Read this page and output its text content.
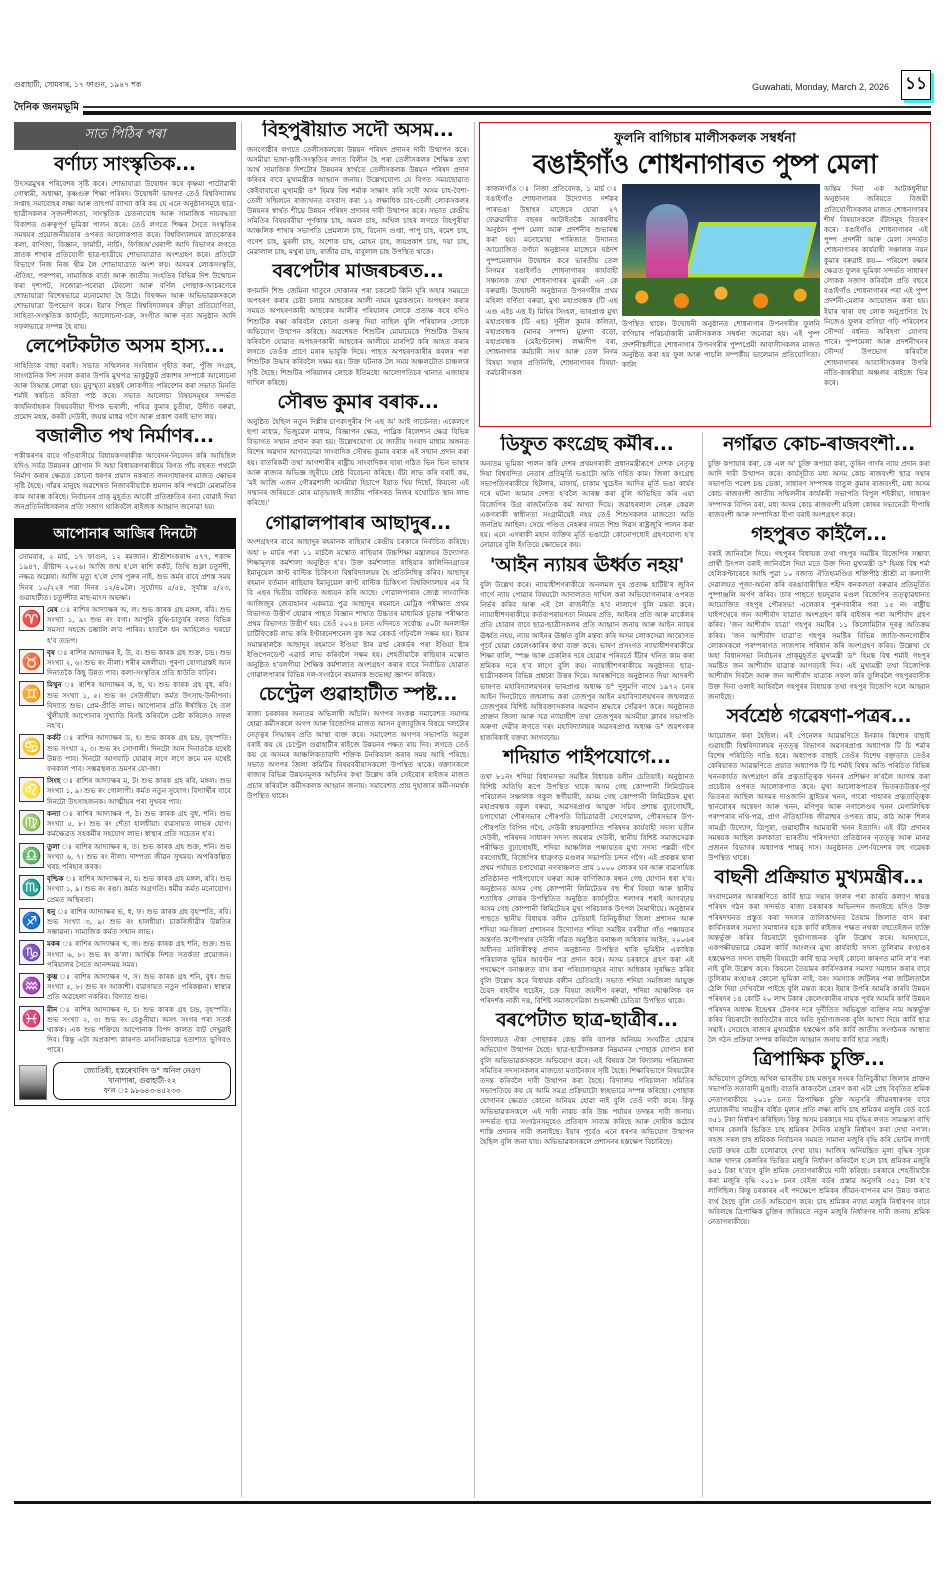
গুৱাহাটী, সোমবাৰ, ১৭ ফাগুন, ১৯৪৭ শক	Guwahati, Monday, March 2, 2026 ১১
দৈনিক জনমভূমি
সাত পিঠিৰ পৰা
বৰ্ণাঢ্য সাংস্কৃতিক...

উৎসৱমুখৰ পৰিবেশৰ সৃষ্টি কৰে। শোভাযাত্ৰা উদ্বোধন কৰে কৃষ্ণমা পাটোৱাৰী গোস্বামী, অধ্যক্ষা, কৃষ্ণগুৰু শিক্ষা পৰিষদ। উদ্বোধনী ভাষণত তেওঁ বিশ্ববিদ্যালয় সপ্তাহ সমাবোহৰ লক্ষ্য আৰু তাৎপৰ্য ব্যাখ্যা কৰি কয় যে এনে অনুষ্ঠানসমূহে ছাত্ৰ-ছাত্ৰীসকলৰ সৃজনশীলতা, সাংস্কৃতিক চেতনাবোধ আৰু সামাজিক দায়বদ্ধতা বিকাশত গুৰুত্বপূৰ্ণ ভূমিকা পালন কৰে। তেওঁ লগতে শিক্ষৰ সৈতে সংস্কৃতিৰ সমন্বয়ৰ প্ৰয়োজনীয়তাৰ ওপৰত আলোকপাত কৰে। বিশ্ববিদ্যালয়ৰ স্নাতকোত্তৰ কলা, বাণিজ্য, বিজ্ঞান, ফাৰ্মাচী, নাৰ্চিং, ফিজিঅ'থেৰাপী আদি বিভাগৰ লগতে স্নাতক শাখাৰ প্ৰতিযোগী ছাত্ৰ-ছাত্ৰীয়ে শোভাযাত্ৰাত অংশগ্ৰহণ কৰে। প্ৰতিটো বিভাগে নিজ নিজ থীম লৈ শোভাযাত্ৰাত অংশ লয়। অসমৰ লোকসংস্কৃতি, ঐতিহ্য, পৰম্পৰা, সামাজিক বাৰ্তা আৰু জাতীয় সংহতিৰ বিভিন্ন দিশ উন্মোচন কৰা দৃশ্যপট, সজোৱা-পৰোৱা টেবলো আৰু বৰ্ণিল পোছাক-আচৰণেৰে শোভাযাত্ৰা বিশেষভাৱে মনোমোহা হৈ উঠে। বিদ্বজ্জন আৰু অভিভাৱকসকলে শোভাযাত্ৰা উপভোগ কৰে। ইয়াৰ পিছত বিশ্ববিদ্যালয়ৰ ক্ৰীড়া প্ৰতিযোগিতা, সাহিত্য-সংস্কৃতিক কাৰ্যসূচী, আলোচনা-চক্ৰ, সংগীত আৰু নৃত্য অনুষ্ঠান আদি সফলভাৱে সম্পন্ন হৈ যায়।

লেপেটকটাত অসম হাস্য...

সাহিত্যিক বাছা বৰাই। সভাত সন্মিলনৰ সংবিধান গৃহীত কৰা, পুঁজি সংগ্ৰহ, সাংগঠনিক দিশ সবল কৰাৰ উপৰি মুখপত্ৰ ভাকুটুকুট প্ৰকাশৰ সম্পৰ্কে আলোচনা আৰু সিদ্ধান্ত লোৱা হয়। মুনুস্মৃতা মহন্তই লোকগীত পৰিবেশন কৰা সভাত মিনতি শৰ্মাই স্বৰচিত কবিতা পাঠ কৰে। সভাত আলোচ্য বিষয়সমূহৰ সন্দৰ্ভত কাৰ্যনিৰ্বাহকৰ বিষয়ববীয়া দীপক ভৰালী, পবিত্ৰ কুমাৰ চুতীয়া, উদীত বৰুৱা, প্ৰমোদ মহন্ত, কৰবী দেউৰী, জয়ন্ত মাধৱ গগৈ আৰু প্ৰকাশ বৰাই ভাগ লয়।

বজালীত পথ নিৰ্মাণৰ...

পকীকৰণৰ বাবে গাঁওবাসীয়ে বিধায়কগৰাকীক আবেদন-নিবেদন কৰি আহিছিল যদিও সৰ্বত্ৰ উন্নয়নৰ শ্লোগান দি অহা বিধায়কগৰাকীয়ে বিগত পাঁচ বছৰত পথটো নিৰ্মাণ কৰাৰ ক্ষেত্ৰত কোনো ধৰণৰ প্ৰয়াস নকৰাত জনসাধাৰণৰ মাজত ক্ষোভৰ সৃষ্টি হৈছে। গাঁৱৰ মানুহে অৱশেষত নিজাববীয়াকৈ শ্ৰমদান কৰি পথটো মেৰামতিৰ কাম আৰম্ভ কৰিছে। নিৰ্বাচনৰ প্ৰাক্‌ মুহূৰ্তত আকৌ প্ৰতিশ্ৰুতিৰ বন্যা বোৱাই দিয়া জনপ্ৰতিনিধিসকলৰ প্ৰতি সজাগ থাকিবলৈ ৰাইজক আহ্বান জনোৱা হয়।

আপোনাৰ আজিৰ দিনটো

সোমবাৰ, ২ মাৰ্চ, ১৭ ফাগুন, ১২ ৰমজান। শ্ৰীশ্ৰীশংকৰাব্দ ৫৭৭, শকাব্দ ১৯৪৭, খ্ৰীষ্টাব্দ ২০২৬। আজি জন্ম হ'লে ৰাশি কৰ্কট, তিথি শুক্লা চতুৰ্দশী, নক্ষত্ৰ অশ্লেষা। আজি মৃত্যু হ'লে দোষ পুৰুৰ নাই, শুভ কৰ্মৰ বাবে প্ৰশস্ত সময় দিনৰ ১০/২২ৰ পৰা দিনৰ ১২/৪০লৈ। সূৰ্যোদয় ৫/৫৪, সূৰ্যাস্ত ৫/২৩, গুৱাহাটীত। চতুৰ্দশীত মাছ-মাংস অভক্ষ্য।

♈ মেষ ঃ ৰাশিৰ আদ্যাক্ষৰ অ, ল। শুভ কাৰক গ্ৰহ মঙ্গল, ৰবি। শুভ সংখ্যা ১, ৯। শুভ ৰং বগা। আপুনি বুদ্ধি-চাতুৰ্যৰ বলত বিভিন্ন সমস্যা সহজে চম্ভালি ল'ব পাৰিব। হাতলৈ ধন আহিলেও খৰচো হ'ব তদ্ৰূপ।

♉ বৃষ ঃ ৰাশিৰ আদ্যাক্ষৰ ই, উ, ব। শুভ কাৰক গ্ৰহ শুক্ৰ, চন্দ্ৰ। শুভ সংখ্যা ২, ৬। শুভ ৰং নীলা। শৰীৰ মঙ্গলীয়া। পুৰণা ৰোগাগ্ৰস্তই আন দিনাতকৈ কিছু উন্নত পাব। কলা-সংস্কৃতিৰ প্ৰতি ধাউতি বাঢ়িব।

♊ মিথুন ঃ ৰাশিৰ আদ্যাক্ষৰ ক, ছ, ঘ। শুভ কাৰক গ্ৰহ বুধ, ৰবি। শুভ সংখ্যা ১, ৫। শুভ ৰং সেউজীয়া। কৰ্মত উৎসাহ-উদ্দীপনা। বিদ্যাত শুভ। প্ৰেম-প্ৰীতি লাভ। আপোনাৰ প্ৰতি ঈৰ্ষান্বিত হৈ তল খুঁলীয়াই আপোনাৰ সুখ্যাতি বিনষ্ট কৰিবলৈ চেষ্টা কৰিলেও সফল নহ'ব।

♋ কৰ্কট ঃ ৰাশিৰ আদ্যাক্ষৰ ড, হ। শুভ কাৰক গ্ৰহ চন্দ্ৰ, বৃহস্পতি। শুভ সংখ্যা ২, ৩। শুভ ৰং সোণালী। দিনটো আন দিনাতকৈ যথেষ্ট উন্নত পাব। দিনটো আগবাঢ়ি যোৱাৰ লগে লগে ক্ৰমে মন যথেষ্ট ফৰকাল পাব। সম্ভৱস্থলত ভ্ৰমণৰ যো-জা।

♌ সিংহ ঃ ৰাশিৰ আদ্যাক্ষৰ ম, ট। শুভ কাৰক গ্ৰহ ৰবি, মঙ্গল। শুভ সংখ্যা ১, ৯। শুভ ৰং গোলাপী। কৰ্মত নতুন সুযোগ। বিদ্যাৰ্থীৰ বাবে দিনটো উৎসাহজনক। আত্মীয়ৰ পৰা সুখবৰ পাব।

♍ কন্যা ঃ ৰাশিৰ আদ্যাক্ষৰ প, ঠ। শুভ কাৰক গ্ৰহ বুধ, শনি। শুভ সংখ্যা ৫, ৮। শুভ ৰং শেঁতা হালধীয়া। ব্যৱসায়ত লাভৰ যোগ। কৰ্মক্ষেত্ৰত সহকৰ্মীৰ সহযোগ লাভ। স্বাস্থ্যৰ প্ৰতি সচেতন হ'ব।

♎ তুলা ঃ ৰাশিৰ আদ্যাক্ষৰ ৰ, ত। শুভ কাৰক গ্ৰহ শুক্ৰ, শনি। শুভ সংখ্যা ৬, ৭। শুভ ৰং নীলা। দাম্পত্য জীৱন সুখময়। অপৰিকল্পিত খৰচ পৰিহাৰ কৰক।

♏ বৃশ্চিক ঃ ৰাশিৰ আদ্যাক্ষৰ ন, য। শুভ কাৰক গ্ৰহ মঙ্গল, ৰবি। শুভ সংখ্যা ১, ৯। শুভ ৰং ৰঙা। কৰ্মত অগ্ৰগতি। ধৰ্মীয় কৰ্মত মনোযোগ। প্ৰেমত অস্থিৰতা।

♐ ধনু ঃ ৰাশিৰ আদ্যাক্ষৰ ভ, ধ, ফ। শুভ কাৰক গ্ৰহ বৃহস্পতি, ৰবি। শুভ সংখ্যা ৩, ৯। শুভ ৰং হালধীয়া। চাকৰিজীৱীৰ উন্নতিৰ সম্ভাৱনা। সামাজিক কৰ্মত সন্মান লাভ।

♑ মকৰ ঃ ৰাশিৰ আদ্যাক্ষৰ খ, জ। শুভ কাৰক গ্ৰহ শনি, শুক্ৰ। শুভ সংখ্যা ৬, ৮। শুভ ৰং ক'লা। আৰ্থিক দিশত সতৰ্কতা প্ৰয়োজন। পৰিয়ালৰ সৈতে আনন্দময় সময়।

♒ কুম্ভ ঃ ৰাশিৰ আদ্যাক্ষৰ গ, স। শুভ কাৰক গ্ৰহ শনি, বুধ। শুভ সংখ্যা ৫, ৮। শুভ ৰং আকাশী। ব্যৱসায়ত নতুন পৰিকল্পনা। স্বাস্থ্যৰ প্ৰতি অৱহেলা নকৰিব। বিদ্যাত শুভ।

♓ মীন ঃ ৰাশিৰ আদ্যাক্ষৰ দ, চ। শুভ কাৰক গ্ৰহ চন্দ্ৰ, বৃহস্পতি। শুভ সংখ্যা ২, ৩। শুভ ৰং বেঙুনীয়া। অসৎ সংগৰ পৰা সতৰ্ক থাকক। এক শুভ শক্তিয়ে আপোনাক বিপদ কালত বাট দেখুৱাই দিব। কিন্তু এটা অপ্ৰকাশ্য কাৰণত মানসিকভাৱে হতাশাত ভুগিবও পাৰে।

জ্যোতিষী, হস্তৰেখাবিদ ড° অনিল নেওগ
খানাপাৰা, গুৱাহাটী-২২
ফ'ন ঃ ৯৮৬৪৩-৪৫২৩৩
বিহপুৰীয়াত সদৌ অসম...

জনগোষ্ঠীৰ লগতে তেলীসকলকো উন্নয়ন পৰিষদ প্ৰদানৰ দাবী উত্থাপন কৰে। অসমীয়া ভাষা-কৃষ্টি-সংস্কৃতিৰ লগত বিলীন হৈ পৰা তেলীসকলৰ শৈক্ষিক তথা আৰ্থ সামাজিক দিশটোৰ উন্নয়নৰ স্বাৰ্থতে তেলীসকলক উন্নয়ন পৰিষদ প্ৰদান কৰিবৰ বাবে মুখ্যমন্ত্ৰীক আহ্বান জনায়। উল্লেখযোগ্য যে বিগত সময়ছোৱাত কেইবাবাৰো মুখ্যমন্ত্ৰী ড° হিমন্ত বিশ্ব শৰ্মাক সাক্ষাৎ কৰি সদৌ অসম চাহ-বৈশ্য-তেলী সন্মিলনে ৰাজ্যখনত বসবাস কৰা ১২ লক্ষাধিক চাহ-তেলী লোকসকলৰ উন্নয়নৰ স্বাৰ্থত শীঘ্ৰে উন্নয়ন পৰিষদ প্ৰদানৰ দাবী উত্থাপন কৰে। সভাত কেন্দ্ৰীয় সমিতিৰ বিষয়ববীয়া পূৰ্ণকান্ত চাহ, অমল চাহ, অখিল চাহৰ লগতে বিহপুৰীয়া আঞ্চলিক শাখাৰ সভাপতি প্ৰেমলাল চাহ, বিনোদ গুপ্তা, পাপু চাহ, ৰমেশ চাহ, গণেশ চাহ, মুৰলী চাহ, অশোক চাহ, মোহন চাহ, জয়প্ৰকাশ চাহ, দয়া চাহ, মেৱালাল চাহ, মথুৰা চাহ, ৰাজীৱ চাহ, বাবুলাল চাহ উপস্থিত থাকে।

বৰপেটাৰ মাজৰচৰত...

কণমানি শিশু জেমিনা খাতুনে দোকানৰ পৰা চকলেট কিনি ঘূৰি অহাৰ সময়তে অপহৰণ কৰাৰ চেষ্টা চলায় আছকেৰ আলী নামৰ যুৱকজনে। অপহৰণ কৰাৰ সময়ত অপহৰণকাৰী আছকেৰ আলীৰ পৰিয়ালৰ লোকে প্ৰত্যক্ষ কৰে যদিও শিশুটিক ৰক্ষা কৰিবলৈ কোনো গুৰুত্ব দিয়া নাছিল বুলি পৰিয়ালৰ লোকে অভিযোগ উত্থাপন কৰিছে। অৱশেষত শিশুটিৰ মোমায়েকে শিশুটিক উদ্ধাৰ কৰিবলৈ যোৱাত অপহৰণকাৰী আছকেৰ আলীয়ে মাৰপিট কৰি আহত কৰাৰ লগতে তেওঁক প্ৰাণে মৰাৰ ভাবুকি দিয়ে। পাছত অপহৰণকাৰীৰ কবলৰ পৰা শিশুটিক উদ্ধাৰ কৰিবলৈ সক্ষম হয়। উক্ত ঘটনাক লৈ সময় অঞ্চলটোত চাঞ্চল্যৰ সৃষ্টি হৈছে। শিশুটিৰ পৰিয়ালৰ লোকে ইতিমধ্যে আলোপতিচৰ থানাত এজাহাৰ দাখিল কৰিছে।

সৌৰভ কুমাৰ বৰাক...

অনুষ্ঠিত হৈছিল নতুন দিল্লীৰ চাণক্যপুৰীৰ পি এছ অ' আই গাৰ্ডেনত। একেলগে ছপা মাধ্যম, ভিজুৱেল মাধ্যম, বিজ্ঞাপন ক্ষেত্ৰ, পাব্লিক ৰিলেশ্যন ক্ষেত্ৰ বিভিন্ন বিভাগত সম্মান প্ৰদান কৰা হয়। উল্লেখযোগ্য যে জাতীয় সংবাদ মাধ্যম অঙ্গনত বিশেষ অৱদান আগবঢ়োৱা সাংবাদিক সৌৰভ কুমাৰ বৰাক এই সন্মান প্ৰদান কৰা হয়। বাতৰিকৰ্মী তথা আগশাৰীৰ ৰাষ্ট্ৰীয় সাংবাদিকৰ দ্বাৰা গঠিত ভিন ভিন ভাষাৰ আৰু ৰাজ্যৰ অভিজ্ঞ জুৰীয়ে শ্ৰেষ্ঠ বিবেচনা কৰিছে। বঁটা লাভ কৰি বৰাই কয়, 'মই আজি এজন গৌৰৱশালী অসমীয়া হিচাপে ইয়াত থিয় দিছোঁ, কিয়নো এই সম্মানৰ জৰিয়তে মোৰ মাতৃভাষাই জাতীয় পৰিসৰত নিজৰ যথোচিত স্থান লাভ কৰিছে।'

গোৱালপাৰাৰ আছাদুৰ...

অংশগ্ৰহণৰ বাবে আছাদুৰ ৰহমানক ৰাছিয়াৰ কেন্দ্ৰীয় চৰকাৰে নিৰ্বাচিত কৰিছে। অহা ৮ মাৰ্চৰ পৰা ১১ মাৰ্চলৈ মস্কোত ৰাছিয়াৰ উচ্চশিক্ষা মন্ত্ৰালয়ৰ উদ্যোগত শিক্ষামূলক কৰ্মশালা অনুষ্ঠিত হ'ব। উক্ত কৰ্মশালাত ৰাছিয়াৰ কালিনিনগ্ৰাডৰ ইমানুয়েল কাণ্ট বাল্টিক চিকিৎসা বিশ্ববিদ্যালয়ৰ হৈ প্ৰতিনিধিত্ব কৰিব। আছাদুৰ ৰহমান বৰ্তমান ৰাছিয়াৰ ইমানুয়েল কাণ্ট বাল্টিক চিকিৎসা বিশ্ববিদ্যালয়ৰ এম বি বি এছৰ দ্বিতীয় বাৰ্ষিকত অধ্যয়ন কৰি আছে। গোৱালপাৰাৰ জ্যেষ্ঠ সাংবাদিক আজিজুৰ জেবাহানৰ একমাত্ৰ পুত্ৰ আছাদুৰ ৰহমানে মেট্ৰিক পৰীক্ষাত প্ৰথম বিভাগত উত্তীৰ্ণ হোৱাৰ পাছত বিজ্ঞান শাখাত উচ্চতৰ মাধ্যমিক চূড়ান্ত পৰীক্ষাত প্ৰথম বিভাগত উত্তীৰ্ণ হয়। তেওঁ ২০২৪ চনত এদিনতে সৰ্বোচ্চ ৫০টা অনলাইন চাৰ্টিফিকেট লাভ কৰি ইণ্টাৰনেশ্যনেল বুক অৱ ৰেকৰ্ড গঢ়িবলৈ সক্ষম হয়। ইয়াৰ সমান্তৰালকৈ আছাদুৰ ৰহমানে ইণ্ডিয়া ষ্টাৰ ৱৰ্ল্ড ৰেকৰ্ডৰ পৰা ইণ্ডিয়া ষ্টাৰ ইণ্ডিপেনডেণ্ট এৱাৰ্ড লাভ কৰিবলৈ সক্ষম হয়। শেহতীয়াকৈ ৰাছিয়াৰ মস্কোত অনুষ্ঠিত হ'বলগীয়া শৈক্ষিক কৰ্মশালাত অংশগ্ৰহণ কৰাৰ বাবে নিৰ্বাচিত হোৱাত গোৱালপাৰাৰ বিভিন্ন দল-সংগঠনে ৰহমানক শুভেচ্ছা জ্ঞাপন কৰিছে।

চেণ্ট্ৰেল গুৱাহাটীত স্পষ্ট...

ৰাজ্য চৰকাৰৰ অন্যতম অভিলাষী আঁচনি। অগপৰ সংকল্প সমাবেশত সমাগম হোৱা কৰ্মীসকলে অগপ আৰু বিজেপিৰ মাজত আসন বুজাবুজিৰ বিষয়ে দলটোৰ নেতৃত্বৰ সিদ্ধান্তৰ প্ৰতি আস্থা ব্যক্ত কৰে। সমাবেশত অগপৰ সভাপতি অতুল বৰাই কয় যে চেণ্ট্ৰেল গুৱাহাটীৰ ৰাইজে উন্নয়নৰ পক্ষত ৰায় দিব। লগতে তেওঁ কয় যে অসমৰ আঞ্চলিকতাবাদী শক্তিক টনকিয়াল কৰাৰ সময় আহি পৰিছে। সভাত অগপৰ জিলা কমিটিৰ বিষয়ববীয়াসকলো উপস্থিত থাকে। বক্তাসকলে ৰাজ্যৰ বিভিন্ন উন্নয়নমূলক আঁচনিৰ কথা উল্লেখ কৰি সেইবোৰ ৰাইজৰ মাজত প্ৰচাৰ কৰিবলৈ কৰ্মীসকলক আহ্বান জনায়। সমাবেশত প্ৰায় দুহাজাৰ কৰ্মী-সমৰ্থক উপস্থিত থাকে।

ফুলনি বাগিচাৰ মালীসকলক সম্বৰ্ধনা
বঙাইগাঁও শোধনাগাৰত পুষ্প মেলা

কাজলগাঁও ঃ নিজা প্ৰতিবেদক, ১ মাৰ্চ ঃ বঙাইগাঁও শোধনাগাৰৰ উদ্যোগত দৰ্শকৰ পাৰভঙা উছাহৰ মাজেৰে যোৱা ২৭ ফেব্ৰুৱাৰীত বছৰৰ আটাইতকৈ আকৰ্ষণীয় অনুষ্ঠান পুষ্প মেলা আৰু প্ৰদৰ্শনীৰ শুভাৰম্ভ কৰা হয়। মনোমোহা পাৰিজাত উদ্যানত আয়োজিত বৰ্ণাঢ্য অনুষ্ঠানৰ মাজেৰে ষষ্ঠদশ পুষ্পমেলাখন উদ্বোধন কৰে ভাৰতীয় তেল নিগমৰ বঙাইগাঁও শোধনাগাৰৰ কাৰ্যবাহী সঞ্চালক তথা শোধনাগাৰৰ মুৰব্বী এন কে বৰুৱাই। উদ্বোধনী অনুষ্ঠানত উপনগৰীৰ প্ৰথম মহিলা বৰ্ণিতা বৰুৱা, মুখ্য মহাপ্ৰবন্ধক (টি এছ এণ্ড এইচ এছ ই) মিহিৰ সিংহল, ভাৰপ্ৰাপ্ত মুখ্য মহাপ্ৰবন্ধক (টি এছ) সুনীল কুমাৰ কলিতা, মহাপ্ৰবন্ধক (মানৱ সম্পদ) মুদ্ৰুগা বড়ো, মহাপ্ৰবন্ধক (মেইণ্টেনেন্স) লক্ষ্যদীপ বৰা, শোধনাগাৰ কৰ্মচাৰী সংঘ আৰু তেল নিগম বিষয়া সন্থাৰ প্ৰতিনিধি, শোধনাগাৰৰ বিষয়া-কৰ্মচাৰীসকল

উপস্থিত থাকে। উদ্বোধনী অনুষ্ঠানত শোধনাগাৰ উপনগৰীৰ ফুলনি বাগিচাৰ পৰিচৰ্যাকাৰী মালীসকলক সম্বৰ্ধনা জনোৱা হয়। এই পুষ্প প্ৰদৰ্শনীস্থলীতে শোধনাগাৰ উপনগৰীৰ পুষ্পপ্ৰেমী আবাসীসকলৰ মাজত অনুষ্ঠিত কৰা হয় ফুল আৰু পাচলি সম্পৰ্কীয় ভালেমান প্ৰতিযোগিতা। কালি

অন্তিম দিনা এক আটকধুনীয়া অনুষ্ঠানৰ জৰিয়তে বিজয়ী প্ৰতিযোগীসকলৰ মাজত শোধনাগাৰৰ শীৰ্ষ বিষয়াসকলে বঁটাসমূহ বিতৰণ কৰে। বঙাইগাঁও শোধনাগাৰৰ এই পুষ্প প্ৰদৰ্শনী আৰু মেলা সন্দৰ্ভত শোধনাগাৰৰ কাৰ্যবাহী সঞ্চালক নয়ন কুমাৰ বৰুৱাই কয়— পৰিবেশ ৰক্ষাৰ ক্ষেত্ৰত ফুলৰ ভূমিকা সন্দৰ্ভত সাধাৰণ লোকক সজাগ কৰিবলৈ প্ৰতি বছৰে বঙাইগাঁও শোধনাগাৰৰ পৰা এই পুষ্প প্ৰদৰ্শনী-মেলাৰ আয়োজন কৰা হয়। ইয়াৰ দ্বাৰা বহু লোক অনুপ্ৰাণিত হৈ নিজেও ফুলৰ বাগিচা গঢ়ি পৰিবেশৰ সৌন্দৰ্য বৰ্ধনত অৰিহণা যোগাব পাৰে। পুষ্পমেলা আৰু প্ৰদৰ্শনীখনৰ সৌন্দৰ্য উপভোগ কৰিবলৈ শোধনাগাৰৰ আবাসীসকলৰ উপৰি নাঁতি-কাষৰীয়া অঞ্চলৰ ৰাইজে ভিৰ কৰে।

ডিফুত কংগ্ৰেছ কৰ্মীৰ...

অন্যতম ভূমিকা পালন কৰি দেশৰ প্ৰথমগৰাকী প্ৰধানমন্ত্ৰীৰূপে দেশক নেতৃত্ব দিয়া বিশ্ববন্দিত নেতাৰ প্ৰতিমূৰ্তি ভঙাটো অতি গৰ্হিত কাম। জিলা কংগ্ৰেছ সভাপতিগৰাকীয়ে হিটলাৰ, মাফাৰ্য, চাকাম খুচেইন আদিৰ মূৰ্তি ভঙা কাৰ্যৰ দৰে ঘটনা আমাৰ দেশত হ'বলৈ আৰম্ভ কৰা বুলি অভিহিত কৰি এয়া বিজেপিৰ উগ্ৰ ৰাজনৈতিক কৰ্ম আখ্যা দিয়ে। জৱাহৰলাল নেহৰু কেৱল একগৰাকী স্বাধীনতা সংগ্ৰামীয়েই নহয় তেওঁ শিশুসকলৰ মাজতো অতি জনপ্ৰিয় আছিল। সেয়ে পণ্ডিত নেহৰুৰ নামত শিশু দিৱস ৰাষ্ট্ৰজুৰি পালন কৰা হয়। এনে এগৰাকী মহান ব্যক্তিৰ মূৰ্তি ভঙাটো কোনোপধ্যেই গ্ৰহণযোগ্য হ'ব নোৱাৰে বুলি ইংতিয়ে ক্ষোভেৰে কয়।

'আইন ন্যায়ৰ ঊৰ্ধ্বত নহয়'

বুলি উল্লেখ কৰে। ন্যায়াধীশগৰাকীয়ে অনলমল দুৰ প্ৰত্যক্ষ হাৰ্টিষ্ট'ৰ জুবিন গাৰ্গে ন্যায় পোৱাৰ বিষয়টো আদালতত দাখিল কৰা অভিযোগনামাৰ ওপৰত নিৰ্ভৰ কৰিব আৰু এই লৈ ৰাজনীতি হ'ব নালাগে বুলি মন্তব্য কৰে। ন্যায়াধীশগৰাকীয়ে কৰ্তব্যপৰায়ণতা নিয়মৰ প্ৰতি, আইনৰ প্ৰতি আৰু মাৰ্কেলৰ প্ৰতি হোৱাৰ বাবে ছাত্ৰ-ছাত্ৰীসকলৰ প্ৰতি আহ্বান জনায় আৰু আইন ন্যায়ৰ ঊৰ্ধ্বত নহয়, ন্যায় আইনৰ ঊৰ্ধ্বত বুলি মন্তব্য কৰি অসম লোকসেৱা আয়োগত পূৰ্বে হোৱা কেলেংকাৰিৰ কথা ব্যক্ত কৰে। ভাষণ প্ৰসংগত ন্যায়াধীশগৰাকীয়ে শিক্ষা বালি, স্পঞ্জ আৰু চেকলিৰ দৰে হোৱাৰ পৰিবৰ্তে ইঁটাৰ খনিত কাম কৰা শ্ৰমিকৰ দৰে হ'ব লাগে বুলি কয়। ন্যায়াধীশগৰাকীয়ে অনুষ্ঠানত ছাত্ৰ-ছাত্ৰীসকলৰ বিভিন্ন প্ৰশ্নৰো উত্তৰ দিয়ে। আৰম্ভণিতে অনুষ্ঠানত দিয়া আদৰণী ভাষণত মহাবিদ্যালয়খনৰ ভাৰপ্ৰাপ্ত অধ্যক্ষ ড° দুলুমণি নাথে ১৯৭২ চনৰ আইন দিনটোতে জন্মলাভ কৰা তেজপুৰ আইন মহাবিদ্যালয়খনৰ জন্মলগ্নত তেজপুৰৰ বিশিষ্ট অধিবক্তাসকলৰ অৱদান শ্ৰদ্ধাৰে সোঁৱৰণ কৰে। অনুষ্ঠানত প্ৰাক্তন জিলা আৰু সত্ৰ ন্যায়াধীশ তথা তেজপুৰৰ অসমীয়া ক্লাবৰ সভাপতি অৰুণা দেৱীৰ লগতে দৰং মহাবিদ্যালয়ৰ অৱসৰপ্ৰাপ্ত অধ্যক্ষ ড° জয়শংকৰ হাজৰিকাই বক্তব্য আগবঢ়ায়।

শদিয়াত পাইপযোগে...

তথা ৮১নং শদিয়া বিধানসভা সমষ্টিৰ বিধায়ক বলীন চেতিয়াই। অনুষ্ঠানত বিশিষ্ট অতিথি ৰূপে উপস্থিত থাকে অসম গেছ কোম্পানী লিমিটেডৰ পৰিচালন সঞ্চালক গকুল স্বৰ্গীয়াৰী, অসম গেছ কোম্পানী লিমিটেডৰ মুখ্য মহাপ্ৰবন্ধক বকুল বৰুৱা, অৱসৰপ্ৰাপ্ত আয়ুক্ত সচিব প্ৰশান্ত বুঢ়াগোহাঁই, চপাখোৱা পৌৰসভাৰ পৌৰপতি বিচিত্ৰাৱতী সোণোৱাল, পৌৰসভাৰ উপ-পৌৰপতি বিপিন গগৈ, দেউৰী স্বায়ত্তশাসিত পৰিষদৰ কাৰ্যবাহী সদস্য যতীন দেউৰী, পৰিষদৰ সাধাৰণ সদস্য জয়ৰাম দেউৰী, স্থানীয় বিশিষ্ট সমাজসেৱক পৰীক্ষিত বুঢ়াগোহাঁই, শদিয়া আঞ্চলিক পঞ্চায়তৰ মুখ্য সদস্য পল্লৱী গগৈ বৰগোহাঁই, বিজেপিৰ ধাত্ৰুগড় মণ্ডলৰ সভাপতি চন্দন গগৈ। এই প্ৰকল্পৰ দ্বাৰা প্ৰথম পৰ্যায়ত চপাখোৱা নগৰাঞ্চলত প্ৰায় ১০০০ লোকৰ ঘৰ আৰু ব্যৱসায়িক প্ৰতিষ্ঠানত পাইপযোগে ঘৰুৱা আৰু বাণিজ্যিক ৰন্ধন গেছ যোগান ধৰা হ'ব। অনুষ্ঠানত অসম গেছ কোম্পানী লিমিটেডৰ বহু শীৰ্ষ বিষয়া আৰু স্থানীয় শতাধিক লোকৰ উপস্থিতিত অনুষ্ঠিত কাৰ্যসূচীত শলাগৰ শৰাই আগবঢ়ায় অসম গেছ কোম্পানী লিমিটেডৰ মুখ্য পৰিচালক উৎপল নৈমাখীয়ে। অনুষ্ঠানৰ পাছতে স্থানীয় বিধায়ক বলীন চেতিয়াই তিনিচুকীয়া জিলা প্ৰশাসন আৰু শদিয়া সম-জিলা প্ৰশাসনৰ উদ্যোগত শদিয়া সমষ্টিৰ বৰবীয়া গাঁও পঞ্চায়তৰ অন্তৰ্গত কপৌপথাৰ দেউৰী গাঁৱত অনুষ্ঠিত বনাঞ্চল অধিকাৰ আইন, ২০০৬ৰ অধীনত মালিকীস্বত্ব প্ৰদান অনুষ্ঠানত উপস্থিত থাকি ভূমিহীন একাধিক পৰিয়ালক ভূমিৰ আবণ্টন পত্ৰ প্ৰদান কৰে। অসম চৰকাৰে গ্ৰহণ কৰা এই পদক্ষেপে বনাঞ্চলত বাস কৰা পৰিয়ালসমূহৰ ন্যায্য অধিকাৰ সুৰক্ষিত কৰিব বুলি উল্লেখ কৰে বিধায়ক বলীন চেতিয়াই। সভাত শদিয়া সমজিলা আয়ুক্ত চৈয়দ ৰাহবীৰ হুচেইন, চক্ৰ বিষয়া জয়দীপ বৰুৱা, শদিয়া আঞ্চলিক বন পৰিদৰ্শক নাকী দত্ত, বিশিষ্ট সমাজসেৱিকা শুভলক্ষ্মী চেতিয়া উপস্থিত থাকে।

বৰপেটাত ছাত্ৰ-ছাত্ৰীৰ...

বিদ্যালয়ত ঐক্য পোছাকৰ কেন্দ্ৰ কৰি ব্যাপক অনিয়ম সংঘটিত হোৱাৰ অভিযোগ উত্থাপন হৈছে। ছাত্ৰ-ছাত্ৰীসকলক নিম্নমানৰ পোছাক যোগান ধৰা বুলি অভিভাৱকসকলে অভিযোগ কৰে। এই বিষয়ক লৈ বিদ্যালয় পৰিচালনা সমিতিৰ সদস্যসকলৰ মাজতো মতানৈক্যৰ সৃষ্টি হৈছে। শিক্ষাবিভাগে বিষয়টোৰ তদন্ত কৰিবলৈ দাবী উত্থাপন কৰা হৈছে। বিদ্যালয় পৰিচালনা সমিতিৰ সভাপতিয়ে কয় যে আমি সমগ্ৰ প্ৰক্ৰিয়াটো স্বচ্ছভাৱে সম্পন্ন কৰিছো। পোছাক যোগানৰ ক্ষেত্ৰত কোনো অনিয়ম হোৱা নাই বুলি তেওঁ দাবী কৰে। কিন্তু অভিভাৱকসকলে এই দাবী নাকচ কৰি উচ্চ পৰ্যায়ৰ তদন্তৰ দাবী জনায়। সন্দৰ্ভত ছাত্ৰ সংগঠনসমূহেও প্ৰতিবাদ সাব্যস্ত কৰিছে আৰু দোষীক কঠোৰ শাস্তি প্ৰদানৰ দাবী জনাইছে। ইয়াৰ পূৰ্বেও এনে ধৰণৰ অভিযোগ উত্থাপন হৈছিল বুলি জনা যায়। অভিভাৱকসকলে প্ৰশাসনৰ হস্তক্ষেপ বিচাৰিছে।

নগাঁৱত কোচ-ৰাজবংশী...

চুক্তি কপায়াৰ কৰা, কে এল অ' চুক্তি কপায়া কৰা, তুৰিন গাৰ্গৰ ন্যায় প্ৰদান কৰা আদি দাবী উত্থাপন কৰে। কাৰ্যসূচীত মধ্য অসম কোচ ৰাজবংশী ছাত্ৰ সন্থাৰ সভাপতি পৰেশ চন্দ্ৰ ডেকা, সাধাৰণ সম্পাদক বাতুল কুমাৰ ৰাজবংশী, মধ্য অসম কোচ ৰাজবংশী জাতীয় সন্মিলনীৰ কাৰ্যকৰী সভাপতি বিপুল শইকীয়া, সাধাৰণ সম্পাদক বিপিন বৰা, মধ্য অসম কোচ ৰাজবংশী মহিলা কোষৰ সভানেত্ৰী দীপান্বি ৰাজবংশী আৰু সম্পাদিকা বীণা বৰাই অংশগ্ৰহণ কৰে।

গহপুৰত কাইলৈ...

বৰাই জানিবলৈ দিয়ে। গহপুৰৰ বিধায়ক তথা গহপুৰ সমষ্টিৰ বিজেপিৰ সম্ভাব্য প্ৰাৰ্থী উৎপল বৰাই জানিবলৈ দিয়া মতে উক্ত দিনা মুখ্যমন্ত্ৰী ড° হিমন্ত বিশ্ব শৰ্মা হেলিকপ্টাৰেৰে আহি পুৱা ১০ বজাত ঐতিহ্যমণ্ডিত শক্তিপীঠ শ্ৰীশ্ৰী মা কল্যাণী দেৱালয়ত পূজা-অৰ্চনা কৰি বৰঙাবাৰীস্থিত শহীদ কনকলতা বৰুৱাৰ প্ৰতিমূৰ্তিত পুষ্পাঞ্জলি অৰ্পণ কৰিব। তাৰ পাছতে ছয়দুৱাৰ মণ্ডল বিজেপিৰ তত্ত্বাৱধানত আয়োজিত গহপুৰ পৌৰসভা এলেকাৰ পুৰুণবাৰীৰ পৰা ১৫ নং ৰাষ্ট্ৰীয় ঘাইপথেৰে জন আশীৰ্বাদ যাত্ৰাত অংশগ্ৰহণ কৰি বাইজৰ পৰা আশীৰ্বাদ গ্ৰহণ কৰিব। 'জন আশীৰ্বাদ যাত্ৰা' গহপুৰ সমষ্টিৰ ১১ কিলোমিটাৰ দূৰত্ব অতিক্ৰম কৰিব। 'জন আশীৰ্বাদ যাত্ৰা'ত গহপুৰ সমষ্টিৰ বিভিন্ন জাতি-জনগোষ্ঠীৰ লোকসকলে পৰম্পৰাগত সাজপাৰ পৰিধান কৰি অংশগ্ৰহণ কৰিব। উল্লেখ্য যে অহা বিধানসভা নিৰ্বাচনৰ প্ৰাক্‌মুহূৰ্তত মুখ্যমন্ত্ৰী ড° হিমন্ত বিশ্ব শৰ্মাই গহপুৰ সমষ্টিত জন আশীৰ্বাদ যাত্ৰাক আগবঢ়াই দিব। এই মুখ্যমন্ত্ৰী তথা বিজেপিক আশীৰ্বাদ দিবলৈ আৰু জন আশীৰ্বাদ যাত্ৰাক সফল কৰি তুলিবলৈ গহপুৰবাসীক উক্ত দিনা ওলাই আহিবলৈ গহপুৰৰ বিধায়ক তথা গহপুৰ বিজেপি দলে আহ্বান জনাইছে।

সৰ্বশ্ৰেষ্ঠ গৱেষণা-পত্ৰৰ...

আয়োজন কৰা হৈছিল। এই পেনেলৰ আৱন্তণিতে ইনকাৰ কিশোৰ বাছাই গুৱাহাটী বিশ্ববিদ্যালয়ৰ নৃতত্ত্ব বিভাগৰ অৱসৰপ্ৰাপ্ত অধ্যাপক টি চি শৰ্মাৰ বিশেষ পৰিচিতি দাঙি ধৰে। অধ্যাপক বাছাই তেওঁৰ বিশেষ বক্তৃতাত তেওঁৰ কেৰিয়াৰত আৱন্তণিতে প্ৰয়াত অধ্যাপক টি চি শৰ্মাই বিশ্বৰ অতি পৰিচিত বিভিন্ন খননকাৰ্যত অংশগ্ৰহণ কৰি প্ৰত্নতাত্ত্বিক খননৰ প্ৰশিক্ষণ ল'বলৈ আগন্ত কৰা প্ৰচেষ্টাৰ ওপৰত আলোকপাত কৰে। মুখ্য আলোকপাতৰ ভিতৰতউত্তৰ-পূৰ্ব ভিতৰত আছিল অসমৰ দাওজানি হ্ৰাইডৰ খনন, গাৰো পাহাৰৰ প্ৰত্নতাত্ত্বিক স্থানবোৰৰ অন্বেষণ আৰু খনন, মণিপুৰ আৰু নগালেণ্ডৰ খনন মেগালিথিক পৰম্পৰাৰ নথি-পত্ৰ, প্ৰাগ ঐতিহাসিক জীৱাশ্মৰ ওপৰত কাম, কাঠ আৰু শিলৰ সামগ্ৰী উদ্যোগ, ত্ৰিপুৰা, গুৱাহাটীৰ আমবাৰী খনন ইত্যাদি। এই বঁটা প্ৰদানৰ সমন্বয়ক আছিল কলকাতা ভাৰতীয় পৰিসংখ্যা প্ৰতিষ্ঠানৰ নৃতত্ত্ব আৰু মানৱ প্ৰজনন বিভাগৰ অধ্যাপক শান্তনু দাস। অনুষ্ঠানত দেশ-বিদেশৰ বহু গৱেষক উপস্থিত থাকে।

বাছনী প্ৰক্ৰিয়াত মুখ্যমন্ত্ৰীৰ...

সংবাদমেলৰ আৰম্ভণিতে কাৰ্বি ছাত্ৰ সন্থাৰ ফালৰ পৰা কাৰবি কল্যাণ স্বায়ত্ত পৰিষদ গঠন কৰা সন্দৰ্ভত ৰাজ্য চৰকাৰক অভিনন্দন জনাইছে যদিও উক্ত পৰিষদখনত প্ৰস্তুত কৰা সদস্যৰ তালিকাখনত তৈয়াম জিলাত বাস কৰা কাৰ্বিসকলৰ সমস্যা সমাধানৰ হকে কাৰ্বি ৰাইজৰ পক্ষত নথকা বহুতেইজন ব্যক্তি অন্তৰ্ভুক্ত কৰিব বিচৰাটো দুৰ্ভাগ্যজনক বুলি উল্লেখ কৰে। আনহাতে, একপক্ষীয়ভাৱে কেৱল কাৰ্বি আংলংৰ মুখ্য কাৰ্যবাহী সদস্য তুলিৰাম ৰংহাঙৰ হস্তক্ষেপত সদস্য বাছনী বিষয়টো কাৰ্বি ছাত্ৰ সন্থাই কোনো কাৰণত মানি ল'ব পৰা নাই বুলি উল্লেখ কৰে। কিয়নো তৈয়ামৰ কাৰ্বিসকলৰ সমস্যা সমাধান কৰাৰ বাবে তুলিৰাম ৰংহাঙৰ কোনো ভূমিকা নাই, বৰং সমস্যাক জটিলৰ পৰা জটিলতালৈ ঠেলি দিয়া দেখিবলৈ পাইছে বুলি মন্তব্য কৰে। ইয়াৰ উপৰি আমৰি কাৰবি উন্নয়ন পৰিষদৰ ১৪ কোটি ২০ লাখ টকাৰ কেলেংকাৰীৰ নায়ক পূৰ্বৰ আমৰি কাৰ্বি উন্নয়ন পৰিষদৰ অধ্যক্ষ ইন্দ্ৰেশ্বৰ টেৰণৰ দৰে দুৰ্নীতিত অভিযুক্ত ব্যক্তিৰ নাম অন্তৰ্ভুক্ত কৰিব বিচৰাটো জাতিটোৰ বাবে অতি দুৰ্ভাগ্যজনক বুলি আখ্যা দিয়ে কাৰ্বি ছাত্ৰ সন্থাই। সেয়েহে ৰাজ্যৰ মুখ্যমন্ত্ৰীক হস্তক্ষেপ কৰি কাৰ্বি জাতীয় সংগঠনক আস্থাত লৈ গঠন প্ৰক্ৰিয়া সম্পন্ন কৰিবলৈ আহ্বান জনায় কাৰ্বি ছাত্ৰ সন্থাই।

ত্ৰিপাক্ষিক চুক্তি...

অভিযোগ তুলিছে অখিল ভাৰতীয় চাহ মজদুৰ সংঘৰ তিনিচুকীয়া জিলাৰ প্ৰাক্তন সভাপতি সত্যবাদী মুণ্ডাই। বাতৰি কাকতলৈ প্ৰেৰণ কৰা এটা প্ৰেছ বিবৃতিত শ্ৰমিক নেতাগৰাকীয়ে ২০১৮ চনত ত্ৰিপাক্ষিক চুক্তি অনুসৰি জীৱনধাৰণৰ বাবে প্ৰয়োজনীয় সামগ্ৰীৰ বৰ্ধিত মূল্যৰ প্ৰতি লক্ষ্য ৰাখি চাহ শ্ৰমিকৰ মজুৰি বেৰ্ড বৰ্ডে ৩৫১ টকা নিৰ্ধাৰণ কৰিছিল। কিন্তু অসম চৰকাৰে দাম বৃদ্ধিৰ লগত সামঞ্জস্য ৰাখি খাদ্যৰ কেলৰি ভিত্তিত চাহ শ্ৰমিকৰ দৈনিক মজুৰি নিৰ্ধাৰণ কৰা দেখা নগ'ল। সহজ সৰল চাহ শ্ৰমিকক নিৰ্বাচনৰ সময়ত সামান্য মজুৰি বৃদ্ধি কৰি ভোটৰ লগাই ভোট ক্ৰয়ৰ চেষ্টা চলোৱাহে দেখা যায়। আজিৰ অনিয়ন্ত্ৰিত মূল্য বৃদ্ধিৰ সূচক আৰু খাদ্যৰ কেলৰিৰ ভিত্তিত মজুৰি নিৰ্ধাৰণ কৰিবলৈ হ'লে চাহ শ্ৰমিকৰ মজুৰি ৬৫১ টকা হ'বগে বুলি শ্ৰমিক নেতাগৰাকীয়ে দাবী কৰিছে। চৰকাৰে শেহতীয়াকৈ কৰা মজুৰি বৃদ্ধি ২০১৮ চনৰ বেইজ বৰ্ডৰ প্ৰস্তাৱ অনুসৰি ৩৫১ টকা হ'ব লাগিছিল। কিন্তু চৰকাৰৰ এই পদক্ষেপে শ্ৰমিকৰ জীৱন-যাপনৰ মান উন্নত কৰাত ব্যৰ্থ হৈছে বুলি তেওঁ অভিযোগ কৰে। চাহ শ্ৰমিকৰ ন্যায্য মজুৰি নিৰ্ধাৰণৰ বাবে অবিলম্বে ত্ৰিপাক্ষিক চুক্তিৰ জৰিয়তে নতুন মজুৰি নিৰ্ধাৰণৰ দাবী জনায় শ্ৰমিক নেতাগৰাকীয়ে।
